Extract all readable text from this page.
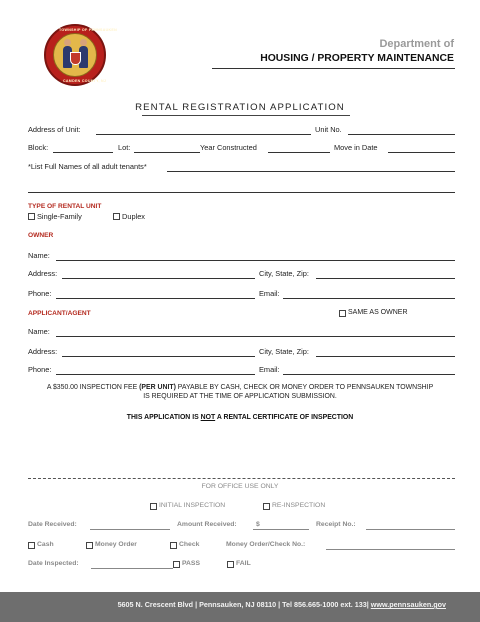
TOWNSHIP OF PENNSAUKEN
CAMDEN COUNTY, NJ
Department of
HOUSING / PROPERTY MAINTENANCE
RENTAL REGISTRATION APPLICATION
Address of Unit:	Unit No.
Block:	Lot:	Year Constructed	Move in Date
*List Full Names of all adult tenants*
TYPE OF RENTAL UNIT
Single-Family	Duplex
OWNER
Name:
Address:	City, State, Zip:
Phone:	Email:
APPLICANT/AGENT	SAME AS OWNER
Name:
Address:	City, State, Zip:
Phone:	Email:
A $350.00 INSPECTION FEE (PER UNIT) PAYABLE BY CASH, CHECK OR MONEY ORDER TO PENNSAUKEN TOWNSHIP
IS REQUIRED AT THE TIME OF APPLICATION SUBMISSION.
THIS APPLICATION IS NOT A RENTAL CERTIFICATE OF INSPECTION
FOR OFFICE USE ONLY
INITIAL INSPECTION	RE-INSPECTION
Date Received:	Amount Received:	$	Receipt No.:
Cash	Money Order	Check	Money Order/Check No.:
Date Inspected:	PASS	FAIL
5605 N. Crescent Blvd | Pennsauken, NJ 08110 | Tel 856.665-1000 ext. 133| www.pennsauken.gov
